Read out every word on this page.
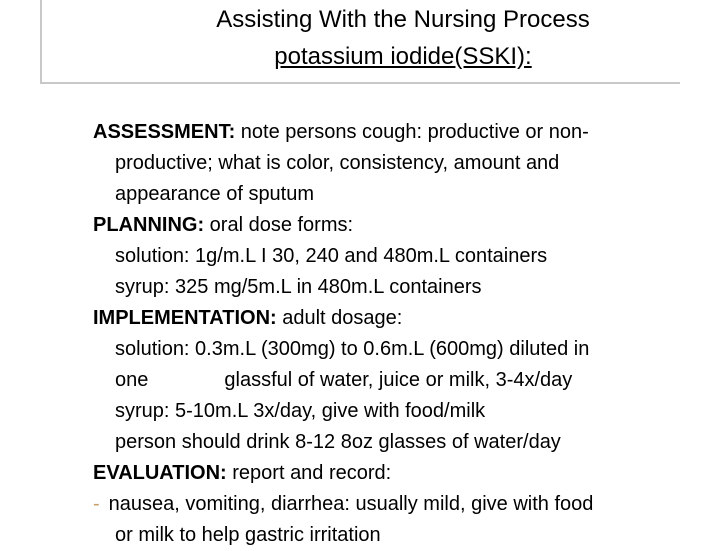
Assisting With the Nursing Process
potassium iodide(SSKI):
ASSESSMENT: note persons cough: productive or non-
productive; what is color, consistency, amount and
appearance of sputum
PLANNING: oral dose forms:
solution: 1g/m.L I 30, 240 and 480m.L containers
syrup: 325 mg/5m.L in 480m.L containers
IMPLEMENTATION: adult dosage:
solution: 0.3m.L (300mg) to 0.6m.L (600mg) diluted in
one	glassful of water, juice or milk, 3-4x/day
syrup: 5-10m.L 3x/day, give with food/milk
person should drink 8-12 8oz glasses of water/day
EVALUATION: report and record:
- nausea, vomiting, diarrhea: usually mild, give with food
or milk to help gastric irritation
